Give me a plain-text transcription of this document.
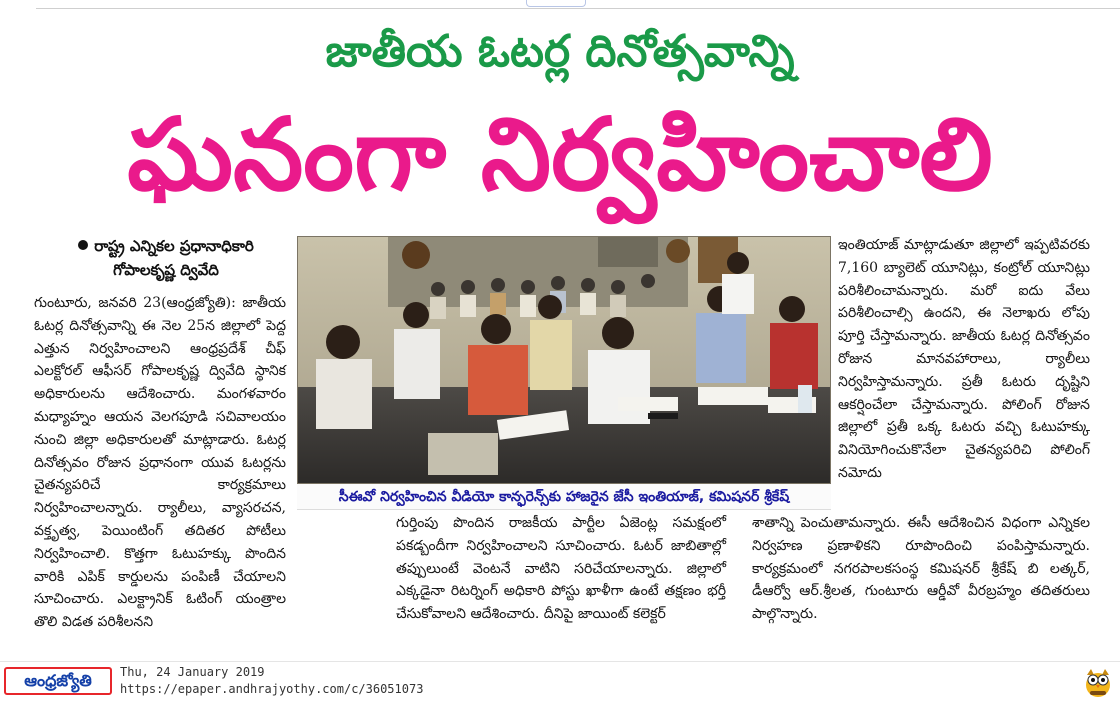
జాతీయ ఓటర్ల దినోత్సవాన్ని
ఘనంగా నిర్వహించాలి
రాష్ట్ర ఎన్నికల ప్రధానాధికారి
గోపాలకృష్ణ ద్వివేది
గుంటూరు, జనవరి 23(ఆంధ్రజ్యోతి): జాతీయ ఓటర్ల దినోత్సవాన్ని ఈ నెల 25న జిల్లాలో పెద్ద ఎత్తున నిర్వహించాలని ఆంధ్రప్రదేశ్ చీఫ్ ఎలక్టోరల్ ఆఫీసర్ గోపాలకృష్ణ ద్వివేది స్థానిక అధికారులను ఆదేశించారు. మంగళవారం మధ్యాహ్నం ఆయన వెలగపూడి సచివాలయం నుంచి జిల్లా అధికారులతో మాట్లాడారు. ఓటర్ల దినోత్సవం రోజున ప్రధానంగా యువ ఓటర్లను చైతన్యపరిచే కార్యక్రమాలు నిర్వహించాలన్నారు. ర్యాలీలు, వ్యాసరచన, వక్తృత్వ, పెయింటింగ్ తదితర పోటీలు నిర్వహించాలి. కొత్తగా ఓటుహక్కు పొందిన వారికి ఎపిక్ కార్డులను పంపిణీ చేయాలని సూచించారు. ఎలక్ట్రానిక్ ఓటింగ్ యంత్రాల తొలి విడత పరిశీలనని
సీఈవో నిర్వహించిన వీడియో కాన్ఫరెన్స్‌కు హాజరైన జేసీ ఇంతియాజ్, కమిషనర్ శ్రీకేష్
ఇంతియాజ్ మాట్లాడుతూ జిల్లాలో ఇప్పటివరకు 7,160 బ్యాలెట్ యూనిట్లు, కంట్రోల్ యూనిట్లు పరిశీలించామన్నారు. మరో ఐదు వేలు పరిశీలించాల్సి ఉందని, ఈ నెలాఖరు లోపు పూర్తి చేస్తామన్నారు. జాతీయ ఓటర్ల దినోత్సవం రోజున మానవహారాలు, ర్యాలీలు నిర్వహిస్తామన్నారు. ప్రతీ ఓటరు దృష్టిని ఆకర్షించేలా చేస్తామన్నారు. పోలింగ్ రోజున జిల్లాలో ప్రతీ ఒక్క ఓటరు వచ్చి ఓటుహక్కు వినియోగించుకొనేలా చైతన్యపరిచి పోలింగ్ నమోదు
గుర్తింపు పొందిన రాజకీయ పార్టీల ఏజెంట్ల సమక్షంలో పకడ్బందీగా నిర్వహించాలని సూచించారు. ఓటర్ జాబితాల్లో తప్పులుంటే వెంటనే వాటిని సరిచేయాలన్నారు. జిల్లాలో ఎక్కడైనా రిటర్నింగ్ అధికారి పోస్టు ఖాళీగా ఉంటే తక్షణం భర్తీ చేసుకోవాలని ఆదేశించారు. దీనిపై జాయింట్ కలెక్టర్
శాతాన్ని పెంచుతామన్నారు. ఈసీ ఆదేశించిన విధంగా ఎన్నికల నిర్వహణ ప్రణాళికని రూపొందించి పంపిస్తామన్నారు. కార్యక్రమంలో నగరపాలకసంస్థ కమిషనర్ శ్రీకేష్ బి లత్కర్, డీఆర్వో ఆర్.శ్రీలత, గుంటూరు ఆర్డీవో వీరబ్రహ్మం తదితరులు పాల్గొన్నారు.
ఆంధ్రజ్యోతి	Thu, 24 January 2019
https://epaper.andhrajyothy.com/c/36051073
